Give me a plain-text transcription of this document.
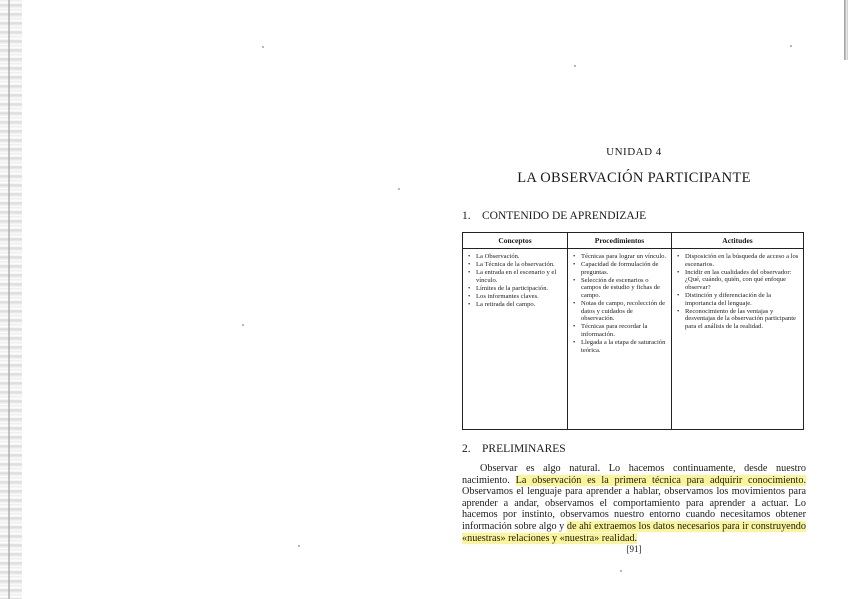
UNIDAD 4
LA OBSERVACIÓN PARTICIPANTE
1. CONTENIDO DE APRENDIZAJE
Conceptos
• La Observación.
• La Técnica de la observación.
• La entrada en el escenario y el vínculo.
• Límites de la participación.
• Los informantes claves.
• La retirada del campo.
Procedimientos
• Técnicas para lograr un vínculo.
• Capacidad de formulación de preguntas.
• Selección de escenarios o campos de estudio y fichas de campo.
• Notas de campo, recolección de datos y cuidados de observación.
• Técnicas para recordar la información.
• Llegada a la etapa de saturación teórica.
Actitudes
• Disposición en la búsqueda de acceso a los escenarios.
• Incidir en las cualidades del observador: ¿Qué, cuándo, quién, con qué enfoque observar?
• Distinción y diferenciación de la importancia del lenguaje.
• Reconocimiento de las ventajas y desventajas de la observación participante para el análisis de la realidad.
2. PRELIMINARES

Observar es algo natural. Lo hacemos continuamente, desde nuestro nacimiento. La observación es la primera técnica para adquirir conocimiento. Observamos el lenguaje para aprender a hablar, observamos los movimientos para aprender a andar, observamos el comportamiento para aprender a actuar. Lo hacemos por instinto, observamos nuestro entorno cuando necesitamos obtener información sobre algo y de ahí extraemos los datos necesarios para ir construyendo «nuestras» relaciones y «nuestra» realidad.

[91]
